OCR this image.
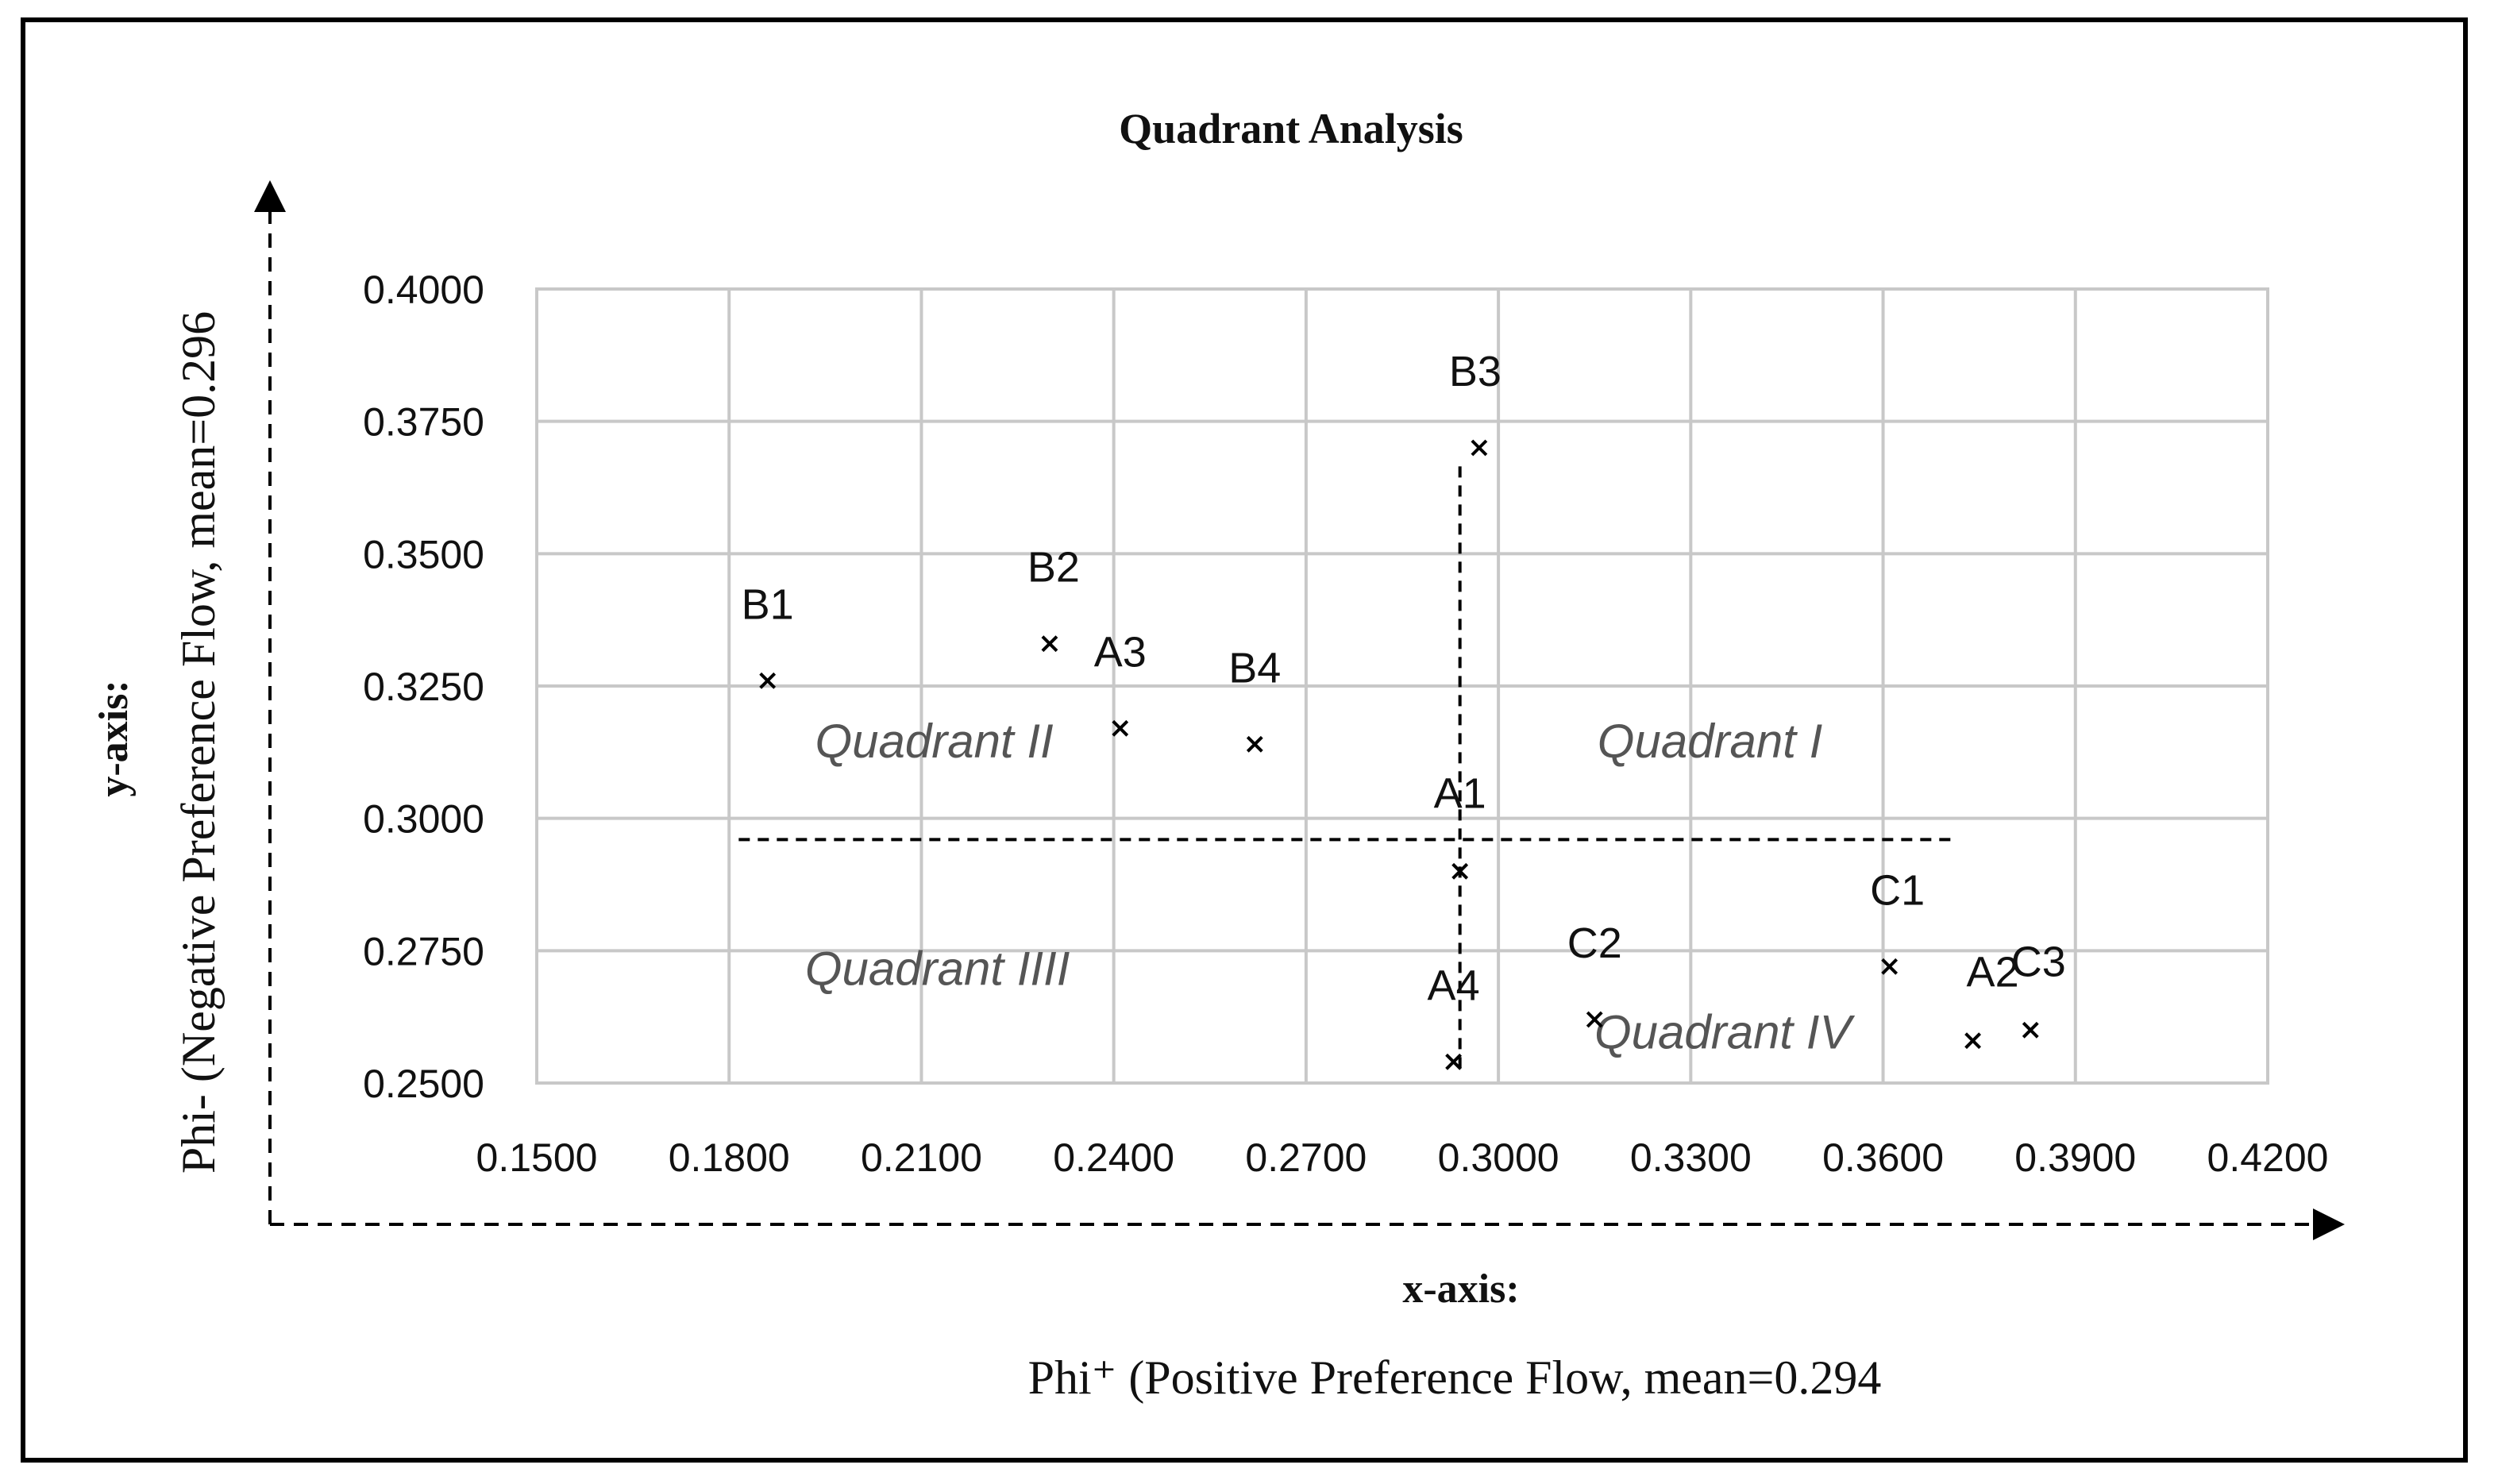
0.1500 0.1800 0.2100 0.2400 0.2700 0.3000 0.3300 0.3600 0.3900 0.4200
0.4000
0.3750
0.3500
0.3250
0.3000
0.2750
0.2500
Quadrant II	Quadrant I
Quadrant IIII
Quadrant IV
B1
B2
A3 B4
B3
A1
A4
C2
C1
A2
C3
Quadrant Analysis
x-axis:
Phi⁺ (Positive Preference Flow, mean=0.294
y-axis: Phi- (Negative Preference Flow, mean=0.296
